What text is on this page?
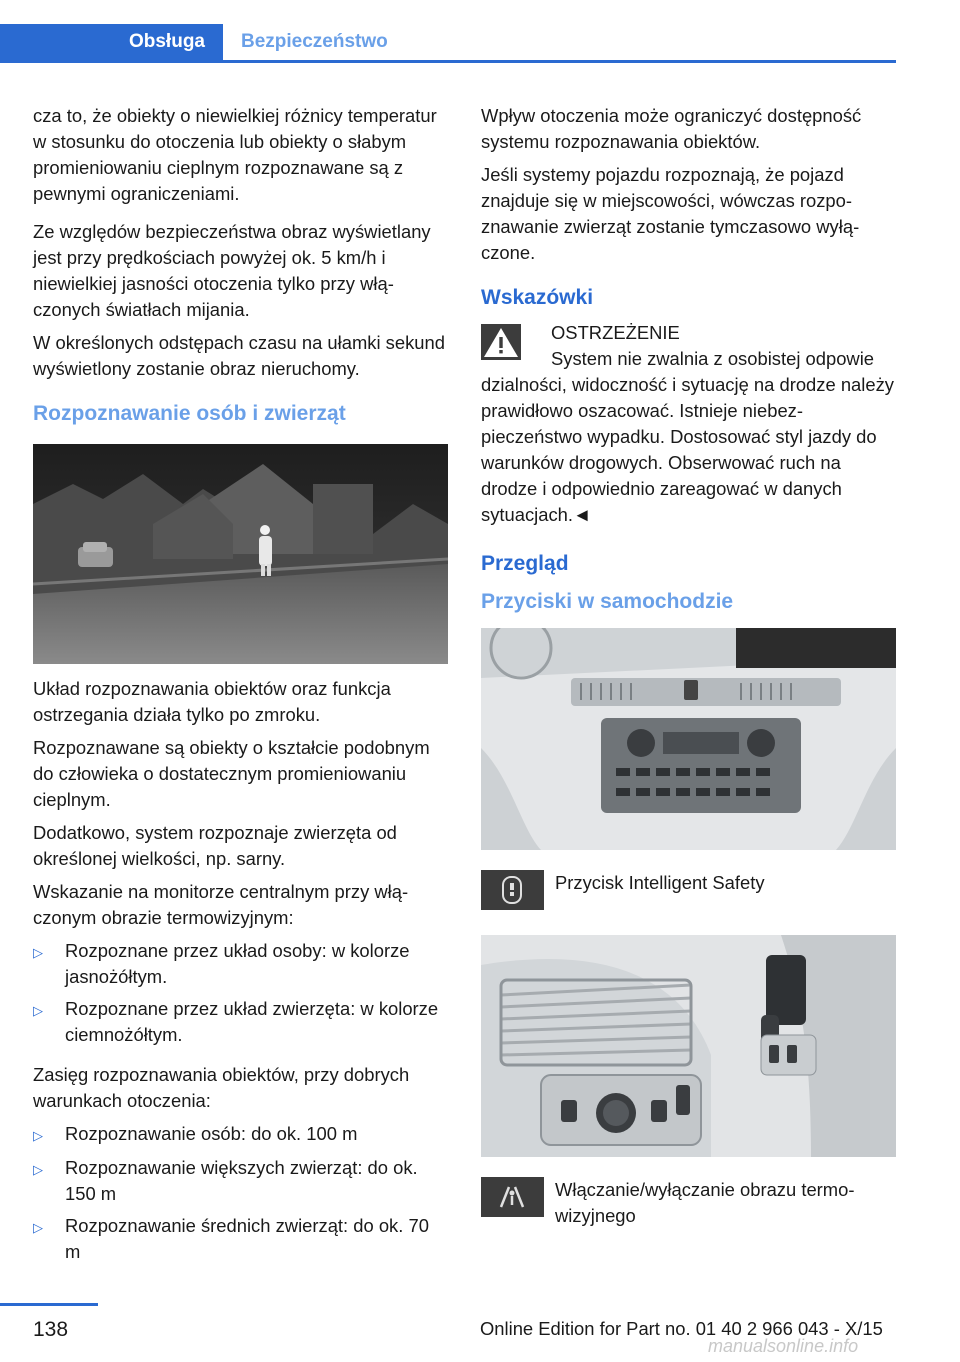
Obsługa	Bezpieczeństwo

cza to, że obiekty o niewielkiej różnicy temperatur w stosunku do otoczenia lub obiekty o słabym promieniowaniu cieplnym rozpoznawane są z pewnymi ograniczeniami.

Ze względów bezpieczeństwa obraz wyświetlany jest przy prędkościach powyżej ok. 5 km/h i niewielkiej jasności otoczenia tylko przy włączonych światłach mijania.

W określonych odstępach czasu na ułamki sekund wyświetlony zostanie obraz nieruchomy.

Rozpoznawanie osób i zwierząt

Układ rozpoznawania obiektów oraz funkcja ostrzegania działa tylko po zmroku.

Rozpoznawane są obiekty o kształcie podobnym do człowieka o dostatecznym promieniowaniu cieplnym.

Dodatkowo, system rozpoznaje zwierzęta od określonej wielkości, np. sarny.

Wskazanie na monitorze centralnym przy włączonym obrazie termowizyjnym:

▷	Rozpoznane przez układ osoby: w kolorze jasnożółtym.
▷	Rozpoznane przez układ zwierzęta: w kolorze ciemnożółtym.

Zasięg rozpoznawania obiektów, przy dobrych warunkach otoczenia:

▷	Rozpoznawanie osób: do ok. 100 m
▷	Rozpoznawanie większych zwierząt: do ok. 150 m
▷	Rozpoznawanie średnich zwierząt: do ok. 70 m

Wpływ otoczenia może ograniczyć dostępność systemu rozpoznawania obiektów.

Jeśli systemy pojazdu rozpoznają, że pojazd znajduje się w miejscowości, wówczas rozpoznawanie zwierząt zostanie tymczasowo wyłączone.

Wskazówki
OSTRZEŻENIE
System nie zwalnia z osobistej odpowie
dzialności, widoczność i sytuację na drodze należy prawidłowo oszacować. Istnieje niebezpieczeństwo wypadku. Dostosować styl jazdy do warunków drogowych. Obserwować ruch na drodze i odpowiednio zareagować w danych sytuacjach.◄
Przegląd
Przyciski w samochodzie
Przycisk Intelligent Safety
Włączanie/wyłączanie obrazu termowizyjnego
138	Online Edition for Part no. 01 40 2 966 043 - X/15
manualsonline.info
